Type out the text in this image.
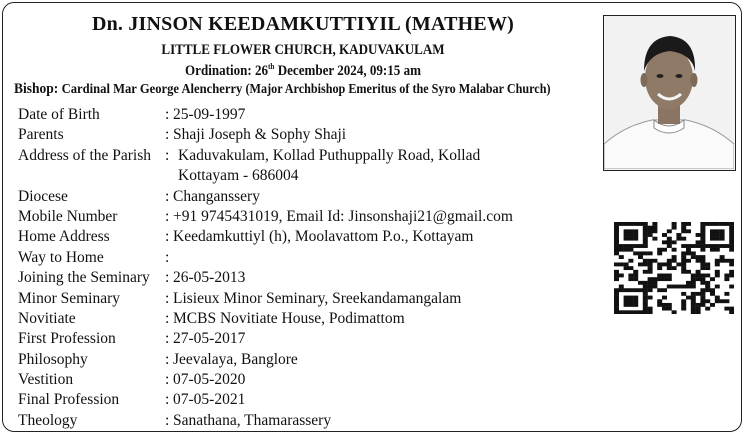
Dn. JINSON KEEDAMKUTTIYIL (MATHEW)
LITTLE FLOWER CHURCH, KADUVAKULAM
Ordination: 26th December 2024, 09:15 am
Bishop: Cardinal Mar George Alencherry (Major Archbishop Emeritus of the Syro Malabar Church)
Date of Birth	: 25-09-1997
Parents	: Shaji Joseph & Sophy Shaji
Address of the Parish : Kaduvakulam, Kollad Puthuppally Road, Kollad
Kottayam - 686004
Diocese	: Changanssery
Mobile Number	: +91 9745431019, Email Id: Jinsonshaji21@gmail.com
Home Address	: Keedamkuttiyl (h), Moolavattom P.o., Kottayam
Way to Home	:
Joining the Seminary : 26-05-2013
Minor Seminary	: Lisieux Minor Seminary, Sreekandamangalam
Novitiate	: MCBS Novitiate House, Podimattom
First Profession	: 27-05-2017
Philosophy	: Jeevalaya, Banglore
Vestition	: 07-05-2020
Final Profession	: 07-05-2021
Theology	: Sanathana, Thamarassery
